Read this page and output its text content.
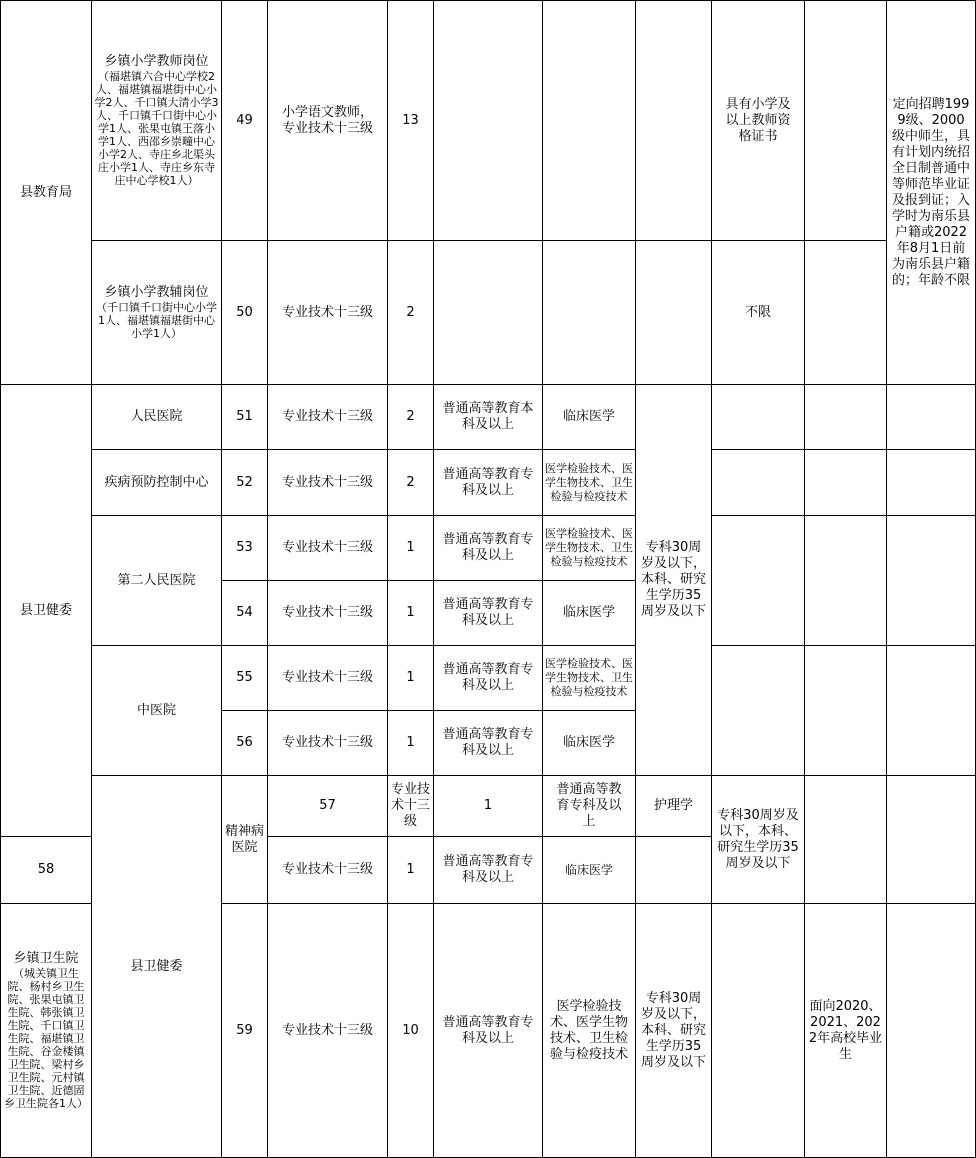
县教育局	乡镇小学教师岗位
（福堪镇六合中心学校2人、福堪镇福堪街中心小学2人、千口镇大清小学3人、千口镇千口街中心小学1人、张果屯镇王落小学1人、西邵乡崇疃中心小学2人、寺庄乡北渠头庄小学1人、寺庄乡东寺庄中心学校1人）	49	小学语文教师，专业技术十三级	13				具有小学及以上教师资格证书		定向招聘1999级、2000级中师生，具有计划内统招全日制普通中等师范毕业证及报到证；入学时为南乐县户籍或2022年8月1日前为南乐县户籍的；年龄不限	

	乡镇小学教辅岗位
（千口镇千口街中心小学1人、福堪镇福堪街中心小学1人）	50	专业技术十三级	2				不限			
县卫健委	人民医院	51	专业技术十三级	2	普通高等教育本科及以上	临床医学	专科30周岁及以下，本科、研究生学历35周岁及以下				
	疾病预防控制中心	52	专业技术十三级	2	普通高等教育专科及以上	医学检验技术、医学生物技术、卫生检验与检疫技术					
	第二人民医院	53	专业技术十三级	1	普通高等教育专科及以上	医学检验技术、医学生物技术、卫生检验与检疫技术					
		54	专业技术十三级	1	普通高等教育专科及以上	临床医学					
	中医院	55	专业技术十三级	1	普通高等教育专科及以上	医学检验技术、医学生物技术、卫生检验与检疫技术					
		56	专业技术十三级	1	普通高等教育专科及以上	临床医学					
	县卫健委	精神病医院	57	专业技术十三级	1	普通高等教育专科及以上	护理学	专科30周岁及以下，本科、研究生学历35周岁及以下			
58			专业技术十三级	1	普通高等教育专科及以上	临床医学					

乡镇卫生院
（城关镇卫生院、杨村乡卫生院、张果屯镇卫生院、韩张镇卫生院、千口镇卫生院、福堪镇卫生院、谷金楼镇卫生院、梁村乡卫生院、元村镇卫生院、近德固乡卫生院各1人）		59	专业技术十三级	10	普通高等教育专科及以上	医学检验技术、医学生物技术、卫生检验与检疫技术	专科30周岁及以下，本科、研究生学历35周岁及以下		面向2020、2021、2022年高校毕业生		
